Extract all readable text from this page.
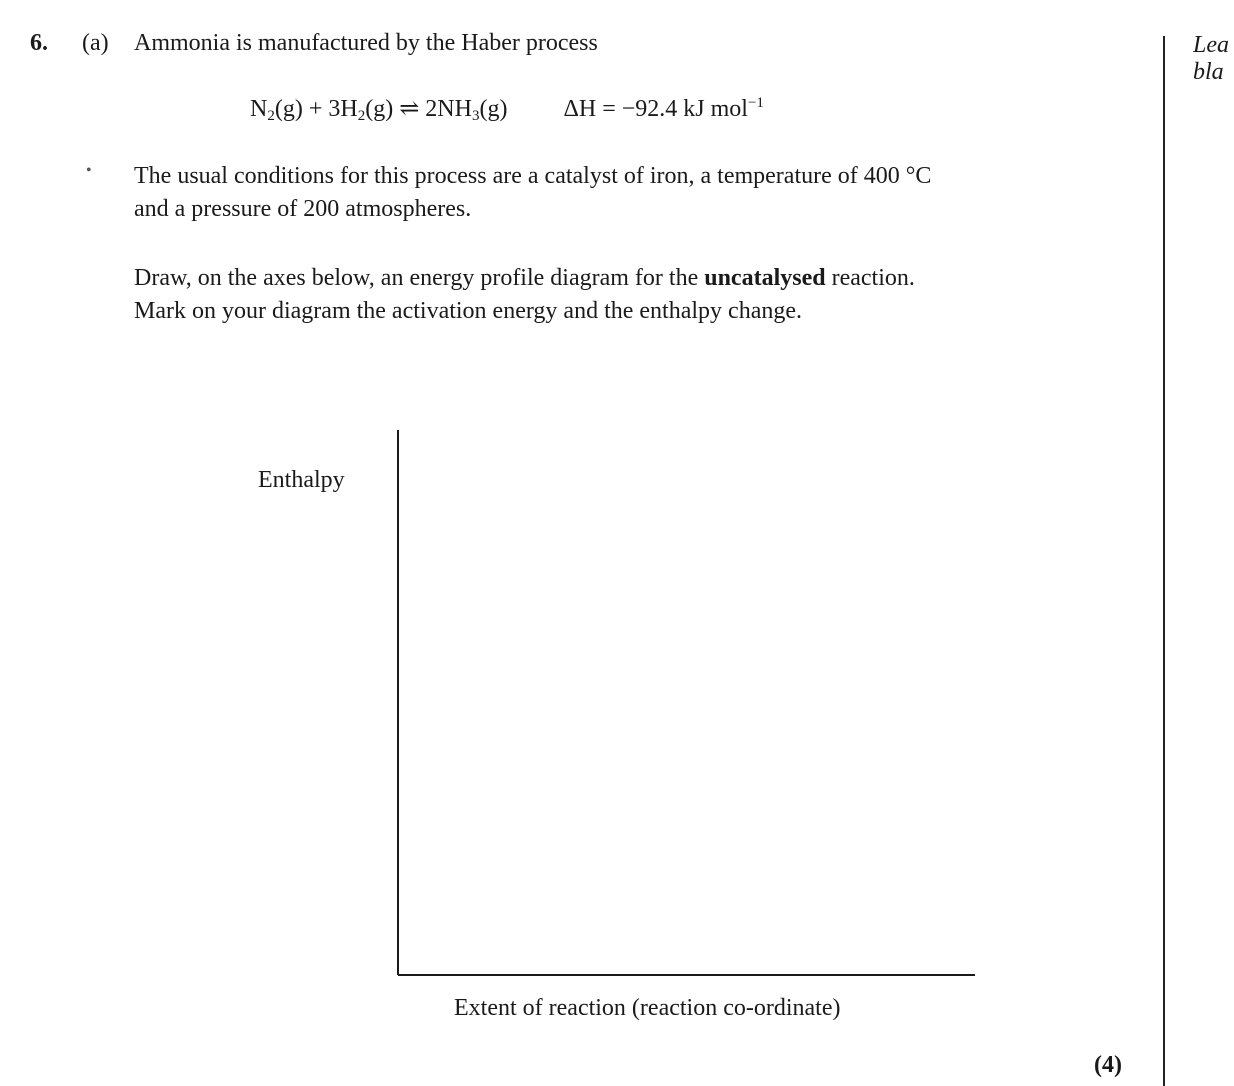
6. (a) Ammonia is manufactured by the Haber process
$N_2(g) + 3H_2(g)$ ⇌ $2NH_3(g) \Delta H = -92.4$ kJ mol$^{-1}$
• The usual conditions for this process are a catalyst of iron, a temperature of 400 °C
and a pressure of 200 atmospheres.
Draw, on the axes below, an energy profile diagram for the uncatalysed reaction.
Mark on your diagram the activation energy and the enthalpy change.
Enthalpy
Extent of reaction (reaction co-ordinate)
(4)
Lea
bla
